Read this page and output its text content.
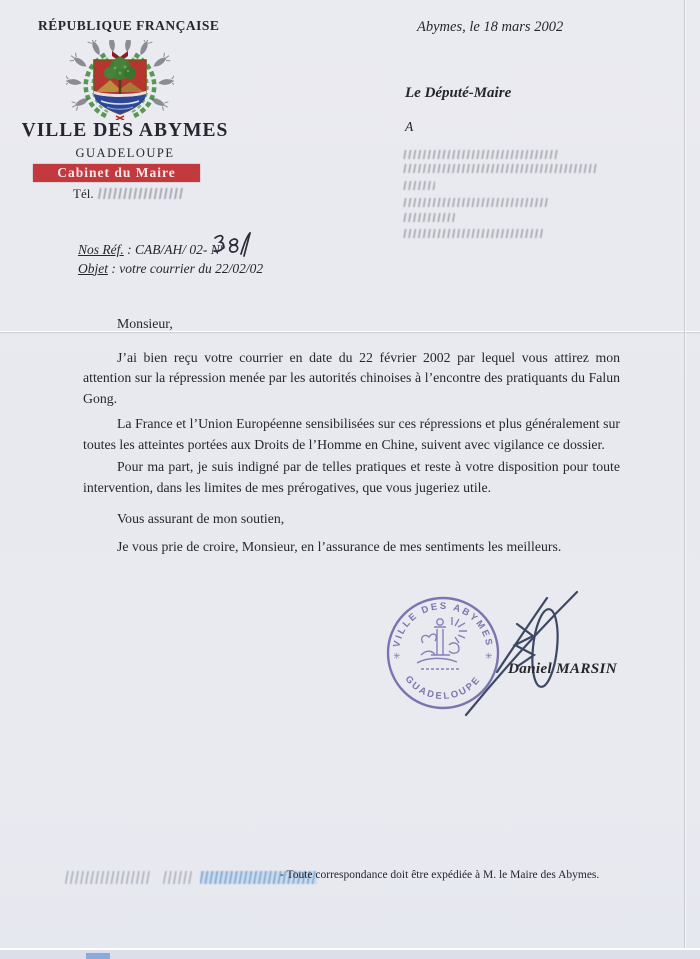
RÉPUBLIQUE FRANÇAISE
VILLE DES ABYMES
GUADELOUPE
Cabinet du Maire
Tél.
Abymes, le 18 mars 2002
Le Député-Maire
A
Nos Réf. : CAB/AH/ 02- N°
Objet : votre courrier du 22/02/02

Monsieur,

J’ai bien reçu votre courrier en date du 22 février 2002 par lequel vous attirez mon attention sur la répression menée par les autorités chinoises à l’encontre des pratiquants du Falun Gong.

La France et l’Union Européenne sensibilisées sur ces répressions et plus généralement sur toutes les atteintes portées aux Droits de l’Homme en Chine, suivent avec vigilance ce dossier.

Pour ma part, je suis indigné par de telles pratiques et reste à votre disposition pour toute intervention, dans les limites de mes prérogatives, que vous jugeriez utile.

Vous assurant de mon soutien,

Je vous prie de croire, Monsieur, en l’assurance de mes sentiments les meilleurs.

VILLE DES ABYMES
GUADELOUPE
✳	✳
Daniel MARSIN
- Toute correspondance doit être expédiée à M. le Maire des Abymes.
